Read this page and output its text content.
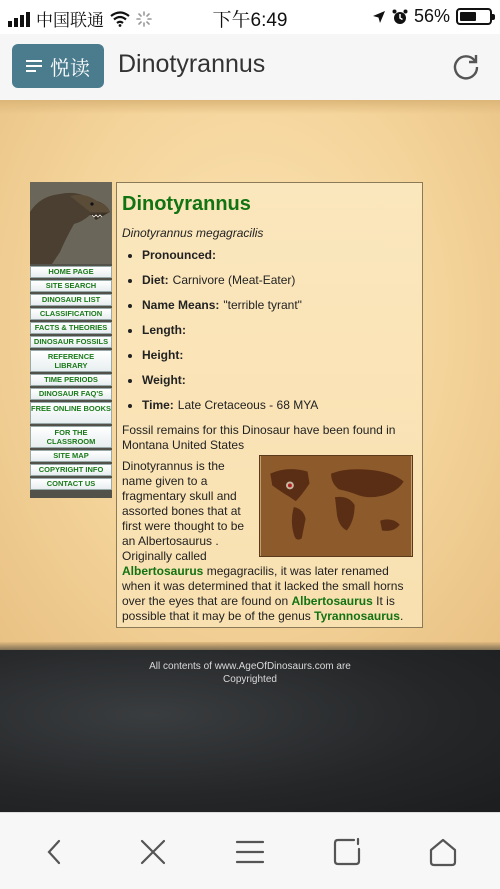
中国联通	下午6:49	56%
悦读 Dinotyrannus
HOME PAGE
SITE SEARCH
DINOSAUR LIST
CLASSIFICATION
FACTS & THEORIES
DINOSAUR FOSSILS
REFERENCE LIBRARY
TIME PERIODS
DINOSAUR FAQ'S
FREE ONLINE BOOKS
FOR THE CLASSROOM
SITE MAP
COPYRIGHT INFO
CONTACT US
Dinotyrannus
Dinotyrannus megagracilis
• Pronounced:
• Diet: Carnivore (Meat-Eater)
• Name Means: "terrible tyrant"
• Length:
• Height:
• Weight:
• Time: Late Cretaceous - 68 MYA

Fossil remains for this Dinosaur have been found in Montana United States

Dinotyrannus is the name given to a fragmentary skull and assorted bones that at first were thought to be an Albertosaurus . Originally called Albertosaurus megagracilis, it was later renamed when it was determined that it lacked the small horns over the eyes that are found on Albertosaurus It is possible that it may be of the genus Tyrannosaurus.

All contents of www.AgeOfDinosaurs.com are
Copyrighted
